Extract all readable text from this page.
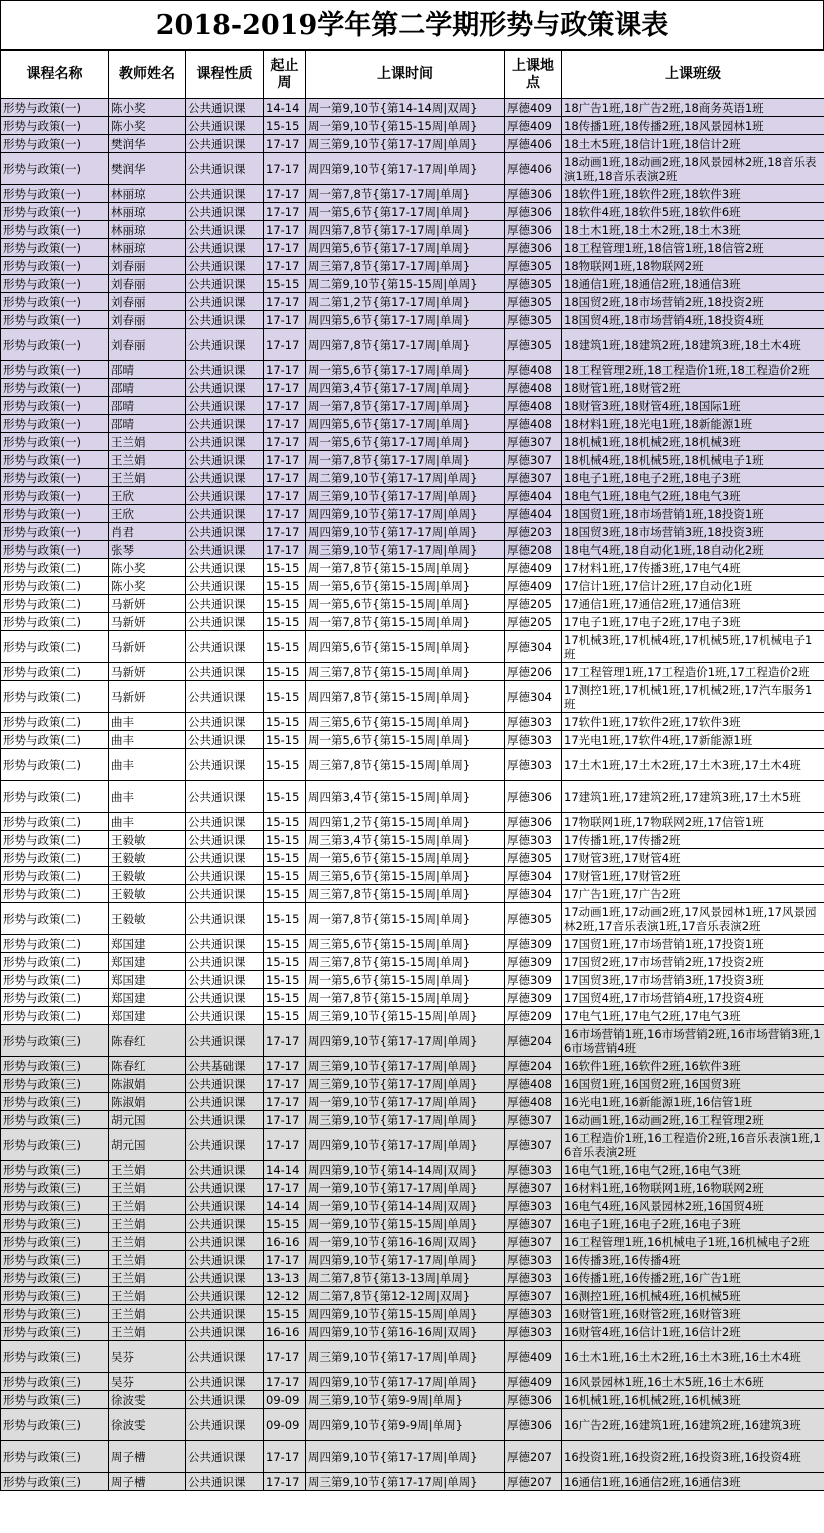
2018-2019学年第二学期形势与政策课表
课程名称	教师姓名	课程性质	起止周	上课时间	上课地点	上课班级
形势与政策(一)	陈小奖	公共通识课	14-14	周一第9,10节{第14-14周|双周}	厚德409	18广告1班,18广告2班,18商务英语1班
形势与政策(一)	陈小奖	公共通识课	15-15	周一第9,10节{第15-15周|单周}	厚德409	18传播1班,18传播2班,18风景园林1班
形势与政策(一)	樊润华	公共通识课	17-17	周三第9,10节{第17-17周|单周}	厚德406	18土木5班,18信计1班,18信计2班
形势与政策(一)	樊润华	公共通识课	17-17	周四第9,10节{第17-17周|单周}	厚德406	18动画1班,18动画2班,18风景园林2班,18音乐表演1班,18音乐表演2班
形势与政策(一)	林丽琼	公共通识课	17-17	周一第7,8节{第17-17周|单周}	厚德306	18软件1班,18软件2班,18软件3班
形势与政策(一)	林丽琼	公共通识课	17-17	周一第5,6节{第17-17周|单周}	厚德306	18软件4班,18软件5班,18软件6班
形势与政策(一)	林丽琼	公共通识课	17-17	周四第7,8节{第17-17周|单周}	厚德306	18土木1班,18土木2班,18土木3班
形势与政策(一)	林丽琼	公共通识课	17-17	周四第5,6节{第17-17周|单周}	厚德306	18工程管理1班,18信管1班,18信管2班
形势与政策(一)	刘春丽	公共通识课	17-17	周三第7,8节{第17-17周|单周}	厚德305	18物联网1班,18物联网2班
形势与政策(一)	刘春丽	公共通识课	15-15	周二第9,10节{第15-15周|单周}	厚德305	18通信1班,18通信2班,18通信3班
形势与政策(一)	刘春丽	公共通识课	17-17	周二第1,2节{第17-17周|单周}	厚德305	18国贸2班,18市场营销2班,18投资2班
形势与政策(一)	刘春丽	公共通识课	17-17	周四第5,6节{第17-17周|单周}	厚德305	18国贸4班,18市场营销4班,18投资4班
形势与政策(一)	刘春丽	公共通识课	17-17	周四第7,8节{第17-17周|单周}	厚德305	18建筑1班,18建筑2班,18建筑3班,18土木4班
形势与政策(一)	邵晴	公共通识课	17-17	周一第5,6节{第17-17周|单周}	厚德408	18工程管理2班,18工程造价1班,18工程造价2班
形势与政策(一)	邵晴	公共通识课	17-17	周四第3,4节{第17-17周|单周}	厚德408	18财管1班,18财管2班
形势与政策(一)	邵晴	公共通识课	17-17	周一第7,8节{第17-17周|单周}	厚德408	18财管3班,18财管4班,18国际1班
形势与政策(一)	邵晴	公共通识课	17-17	周四第5,6节{第17-17周|单周}	厚德408	18材料1班,18光电1班,18新能源1班
形势与政策(一)	王兰娟	公共通识课	17-17	周一第5,6节{第17-17周|单周}	厚德307	18机械1班,18机械2班,18机械3班
形势与政策(一)	王兰娟	公共通识课	17-17	周一第7,8节{第17-17周|单周}	厚德307	18机械4班,18机械5班,18机械电子1班
形势与政策(一)	王兰娟	公共通识课	17-17	周二第9,10节{第17-17周|单周}	厚德307	18电子1班,18电子2班,18电子3班
形势与政策(一)	王欣	公共通识课	17-17	周三第9,10节{第17-17周|单周}	厚德404	18电气1班,18电气2班,18电气3班
形势与政策(一)	王欣	公共通识课	17-17	周四第9,10节{第17-17周|单周}	厚德404	18国贸1班,18市场营销1班,18投资1班
形势与政策(一)	肖君	公共通识课	17-17	周四第9,10节{第17-17周|单周}	厚德203	18国贸3班,18市场营销3班,18投资3班
形势与政策(一)	张琴	公共通识课	17-17	周三第9,10节{第17-17周|单周}	厚德208	18电气4班,18自动化1班,18自动化2班
形势与政策(二)	陈小奖	公共通识课	15-15	周一第7,8节{第15-15周|单周}	厚德409	17材料1班,17传播3班,17电气4班
形势与政策(二)	陈小奖	公共通识课	15-15	周一第5,6节{第15-15周|单周}	厚德409	17信计1班,17信计2班,17自动化1班
形势与政策(二)	马新妍	公共通识课	15-15	周一第5,6节{第15-15周|单周}	厚德205	17通信1班,17通信2班,17通信3班
形势与政策(二)	马新妍	公共通识课	15-15	周一第7,8节{第15-15周|单周}	厚德205	17电子1班,17电子2班,17电子3班
形势与政策(二)	马新妍	公共通识课	15-15	周四第5,6节{第15-15周|单周}	厚德304	17机械3班,17机械4班,17机械5班,17机械电子1班
形势与政策(二)	马新妍	公共通识课	15-15	周三第7,8节{第15-15周|单周}	厚德206	17工程管理1班,17工程造价1班,17工程造价2班
形势与政策(二)	马新妍	公共通识课	15-15	周四第7,8节{第15-15周|单周}	厚德304	17测控1班,17机械1班,17机械2班,17汽车服务1班
形势与政策(二)	曲丰	公共通识课	15-15	周三第5,6节{第15-15周|单周}	厚德303	17软件1班,17软件2班,17软件3班
形势与政策(二)	曲丰	公共通识课	15-15	周一第5,6节{第15-15周|单周}	厚德303	17光电1班,17软件4班,17新能源1班
形势与政策(二)	曲丰	公共通识课	15-15	周三第7,8节{第15-15周|单周}	厚德303	17土木1班,17土木2班,17土木3班,17土木4班
形势与政策(二)	曲丰	公共通识课	15-15	周四第3,4节{第15-15周|单周}	厚德306	17建筑1班,17建筑2班,17建筑3班,17土木5班
形势与政策(二)	曲丰	公共通识课	15-15	周四第1,2节{第15-15周|单周}	厚德306	17物联网1班,17物联网2班,17信管1班
形势与政策(二)	王毅敏	公共通识课	15-15	周三第3,4节{第15-15周|单周}	厚德303	17传播1班,17传播2班
形势与政策(二)	王毅敏	公共通识课	15-15	周一第5,6节{第15-15周|单周}	厚德305	17财管3班,17财管4班
形势与政策(二)	王毅敏	公共通识课	15-15	周三第5,6节{第15-15周|单周}	厚德304	17财管1班,17财管2班
形势与政策(二)	王毅敏	公共通识课	15-15	周三第7,8节{第15-15周|单周}	厚德304	17广告1班,17广告2班
形势与政策(二)	王毅敏	公共通识课	15-15	周一第7,8节{第15-15周|单周}	厚德305	17动画1班,17动画2班,17风景园林1班,17风景园林2班,17音乐表演1班,17音乐表演2班
形势与政策(二)	郑国建	公共通识课	15-15	周三第5,6节{第15-15周|单周}	厚德309	17国贸1班,17市场营销1班,17投资1班
形势与政策(二)	郑国建	公共通识课	15-15	周三第7,8节{第15-15周|单周}	厚德309	17国贸2班,17市场营销2班,17投资2班
形势与政策(二)	郑国建	公共通识课	15-15	周一第5,6节{第15-15周|单周}	厚德309	17国贸3班,17市场营销3班,17投资3班
形势与政策(二)	郑国建	公共通识课	15-15	周一第7,8节{第15-15周|单周}	厚德309	17国贸4班,17市场营销4班,17投资4班
形势与政策(二)	郑国建	公共通识课	15-15	周三第9,10节{第15-15周|单周}	厚德209	17电气1班,17电气2班,17电气3班
形势与政策(三)	陈春红	公共通识课	17-17	周四第9,10节{第17-17周|单周}	厚德204	16市场营销1班,16市场营销2班,16市场营销3班,16市场营销4班
形势与政策(三)	陈春红	公共基础课	17-17	周三第9,10节{第17-17周|单周}	厚德204	16软件1班,16软件2班,16软件3班
形势与政策(三)	陈淑娟	公共通识课	17-17	周三第9,10节{第17-17周|单周}	厚德408	16国贸1班,16国贸2班,16国贸3班
形势与政策(三)	陈淑娟	公共通识课	17-17	周一第9,10节{第17-17周|单周}	厚德408	16光电1班,16新能源1班,16信管1班
形势与政策(三)	胡元国	公共通识课	17-17	周三第9,10节{第17-17周|单周}	厚德307	16动画1班,16动画2班,16工程管理2班
形势与政策(三)	胡元国	公共通识课	17-17	周四第9,10节{第17-17周|单周}	厚德307	16工程造价1班,16工程造价2班,16音乐表演1班,16音乐表演2班
形势与政策(三)	王兰娟	公共通识课	14-14	周四第9,10节{第14-14周|双周}	厚德303	16电气1班,16电气2班,16电气3班
形势与政策(三)	王兰娟	公共通识课	17-17	周一第9,10节{第17-17周|单周}	厚德307	16材料1班,16物联网1班,16物联网2班
形势与政策(三)	王兰娟	公共通识课	14-14	周一第9,10节{第14-14周|双周}	厚德303	16电气4班,16风景园林2班,16国贸4班
形势与政策(三)	王兰娟	公共通识课	15-15	周一第9,10节{第15-15周|单周}	厚德307	16电子1班,16电子2班,16电子3班
形势与政策(三)	王兰娟	公共通识课	16-16	周一第9,10节{第16-16周|双周}	厚德307	16工程管理1班,16机械电子1班,16机械电子2班
形势与政策(三)	王兰娟	公共通识课	17-17	周四第9,10节{第17-17周|单周}	厚德303	16传播3班,16传播4班
形势与政策(三)	王兰娟	公共通识课	13-13	周二第7,8节{第13-13周|单周}	厚德303	16传播1班,16传播2班,16广告1班
形势与政策(三)	王兰娟	公共通识课	12-12	周二第7,8节{第12-12周|双周}	厚德307	16测控1班,16机械4班,16机械5班
形势与政策(三)	王兰娟	公共通识课	15-15	周四第9,10节{第15-15周|单周}	厚德303	16财管1班,16财管2班,16财管3班
形势与政策(三)	王兰娟	公共通识课	16-16	周四第9,10节{第16-16周|双周}	厚德303	16财管4班,16信计1班,16信计2班
形势与政策(三)	吴芬	公共通识课	17-17	周三第9,10节{第17-17周|单周}	厚德409	16土木1班,16土木2班,16土木3班,16土木4班
形势与政策(三)	吴芬	公共通识课	17-17	周四第9,10节{第17-17周|单周}	厚德409	16风景园林1班,16土木5班,16土木6班
形势与政策(三)	徐波雯	公共通识课	09-09	周三第9,10节{第9-9周|单周}	厚德306	16机械1班,16机械2班,16机械3班
形势与政策(三)	徐波雯	公共通识课	09-09	周四第9,10节{第9-9周|单周}	厚德306	16广告2班,16建筑1班,16建筑2班,16建筑3班
形势与政策(三)	周子槽	公共通识课	17-17	周四第9,10节{第17-17周|单周}	厚德207	16投资1班,16投资2班,16投资3班,16投资4班
形势与政策(三)	周子槽	公共通识课	17-17	周三第9,10节{第17-17周|单周}	厚德207	16通信1班,16通信2班,16通信3班
